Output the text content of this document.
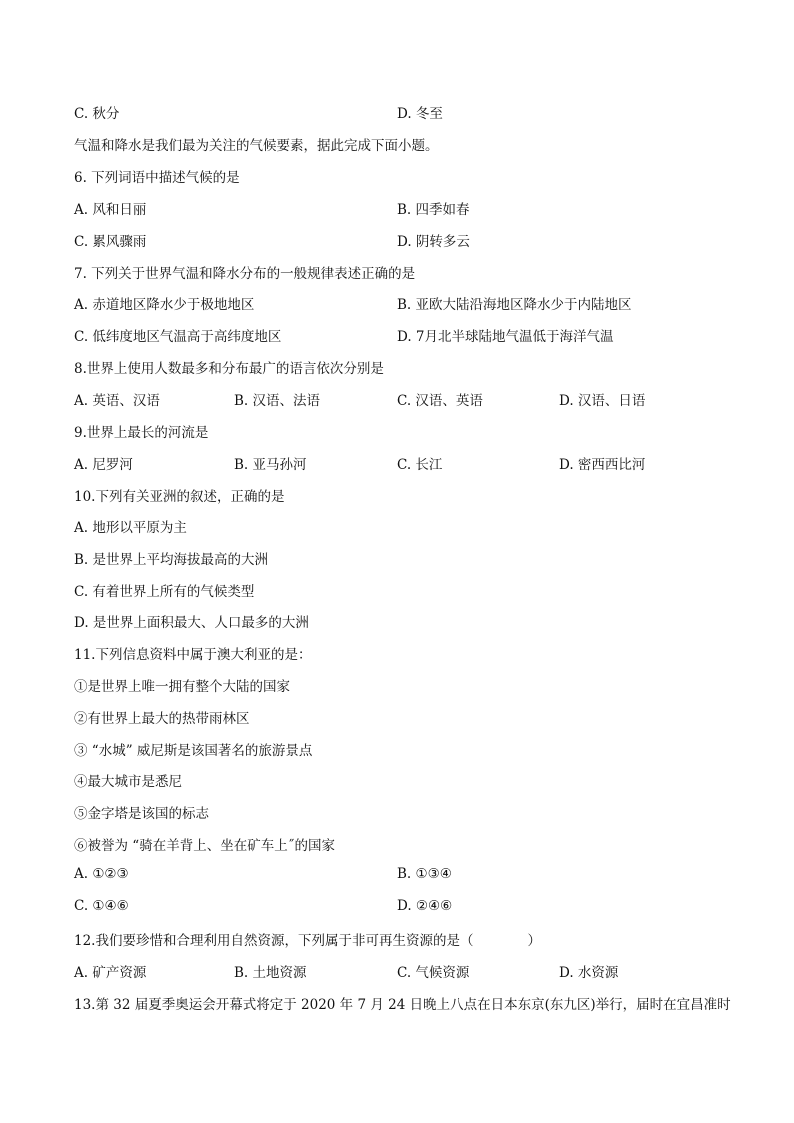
C. 秋分	D. 冬至
气温和降水是我们最为关注的气候要素，据此完成下面小题。
6. 下列词语中描述气候的是
A. 风和日丽	B. 四季如春
C. 累风骤雨	D. 阴转多云
7. 下列关于世界气温和降水分布的一般规律表述正确的是
A. 赤道地区降水少于极地地区	B. 亚欧大陆沿海地区降水少于内陆地区
C. 低纬度地区气温高于高纬度地区	D. 7月北半球陆地气温低于海洋气温
8.世界上使用人数最多和分布最广的语言依次分别是
A. 英语、汉语	B. 汉语、法语	C. 汉语、英语	D. 汉语、日语
9.世界上最长的河流是
A. 尼罗河	B. 亚马孙河	C. 长江	D. 密西西比河
10.下列有关亚洲的叙述，正确的是
A. 地形以平原为主
B. 是世界上平均海拔最高的大洲
C. 有着世界上所有的气候类型
D. 是世界上面积最大、人口最多的大洲
11.下列信息资料中属于澳大利亚的是：
①是世界上唯一拥有整个大陆的国家
②有世界上最大的热带雨林区
③ “水城” 威尼斯是该国著名的旅游景点
④最大城市是悉尼
⑤金字塔是该国的标志
⑥被誉为 “骑在羊背上、坐在矿车上˝的国家
A. ①②③	B. ①③④
C. ①④⑥	D. ②④⑥
12.我们要珍惜和合理利用自然资源，下列属于非可再生资源的是（　　　　）
A. 矿产资源	B. 土地资源	C. 气候资源	D. 水资源
13.第 32 届夏季奥运会开幕式将定于 2020 年 7 月 24 日晚上八点在日本东京(东九区)举行，届时在宜昌准时
